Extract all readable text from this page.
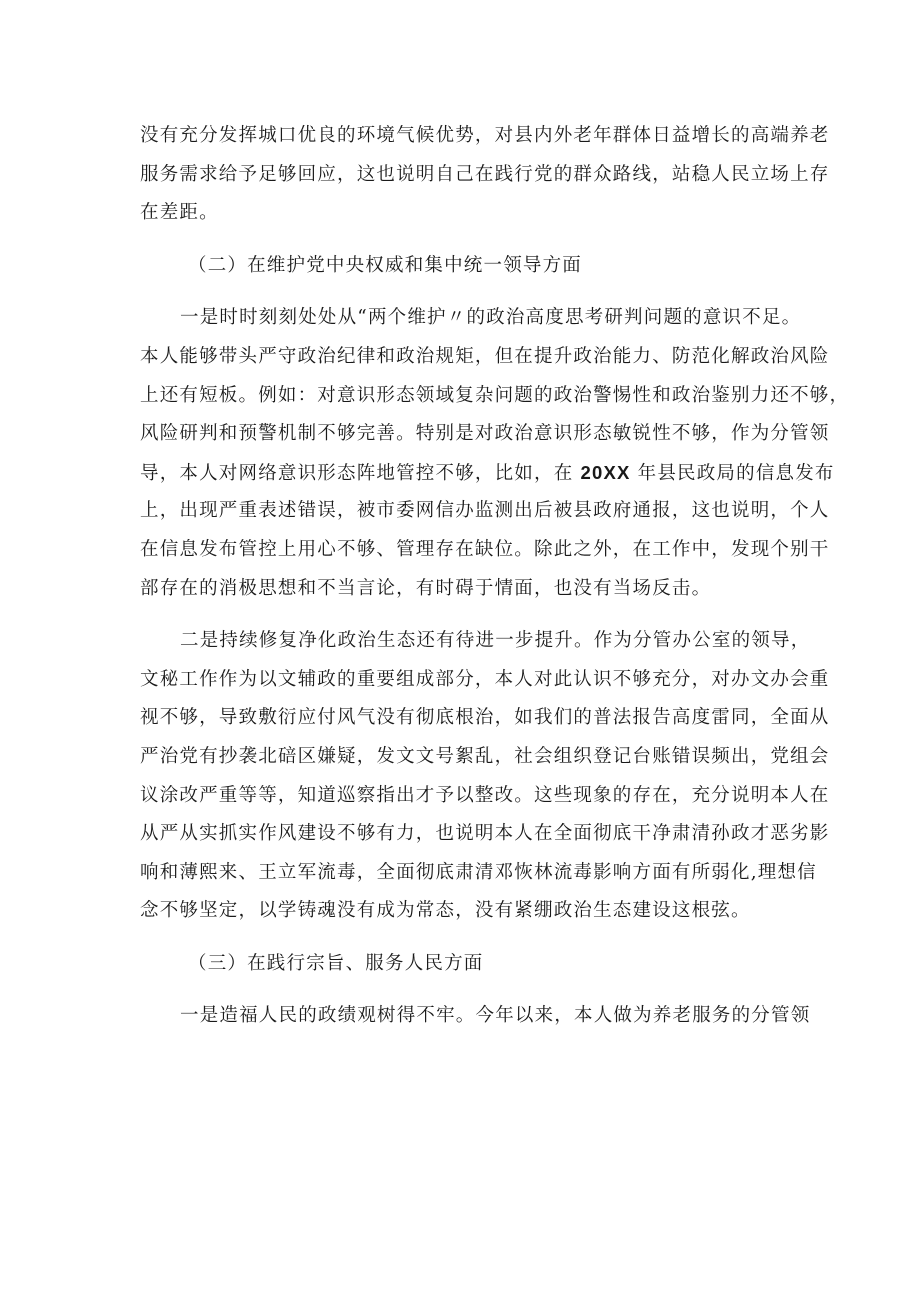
没有充分发挥城口优良的环境气候优势，对县内外老年群体日益增长的高端养老
服务需求给予足够回应，这也说明自己在践行党的群众路线，站稳人民立场上存
在差距。
（二）在维护党中央权威和集中统一领导方面
一是时时刻刻处处从“两个维护〃的政治高度思考研判问题的意识不足。
本人能够带头严守政治纪律和政治规矩，但在提升政治能力、防范化解政治风险
上还有短板。例如：对意识形态领域复杂问题的政治警惕性和政治鉴别力还不够，
风险研判和预警机制不够完善。特别是对政治意识形态敏锐性不够，作为分管领
导，本人对网络意识形态阵地管控不够，比如，在 20XX 年县民政局的信息发布
上，出现严重表述错误，被市委网信办监测出后被县政府通报，这也说明，个人
在信息发布管控上用心不够、管理存在缺位。除此之外，在工作中，发现个别干
部存在的消极思想和不当言论，有时碍于情面，也没有当场反击。
二是持续修复净化政治生态还有待进一步提升。作为分管办公室的领导，
文秘工作作为以文辅政的重要组成部分，本人对此认识不够充分，对办文办会重
视不够，导致敷衍应付风气没有彻底根治，如我们的普法报告高度雷同，全面从
严治党有抄袭北碚区嫌疑，发文文号絮乱，社会组织登记台账错误频出，党组会
议涂改严重等等，知道巡察指出才予以整改。这些现象的存在，充分说明本人在
从严从实抓实作风建设不够有力，也说明本人在全面彻底干净肃清孙政才恶劣影
响和薄熙来、王立军流毒，全面彻底肃清邓恢林流毒影响方面有所弱化,理想信
念不够坚定，以学铸魂没有成为常态，没有紧绷政治生态建设这根弦。
（三）在践行宗旨、服务人民方面
一是造福人民的政绩观树得不牢。今年以来，本人做为养老服务的分管领
